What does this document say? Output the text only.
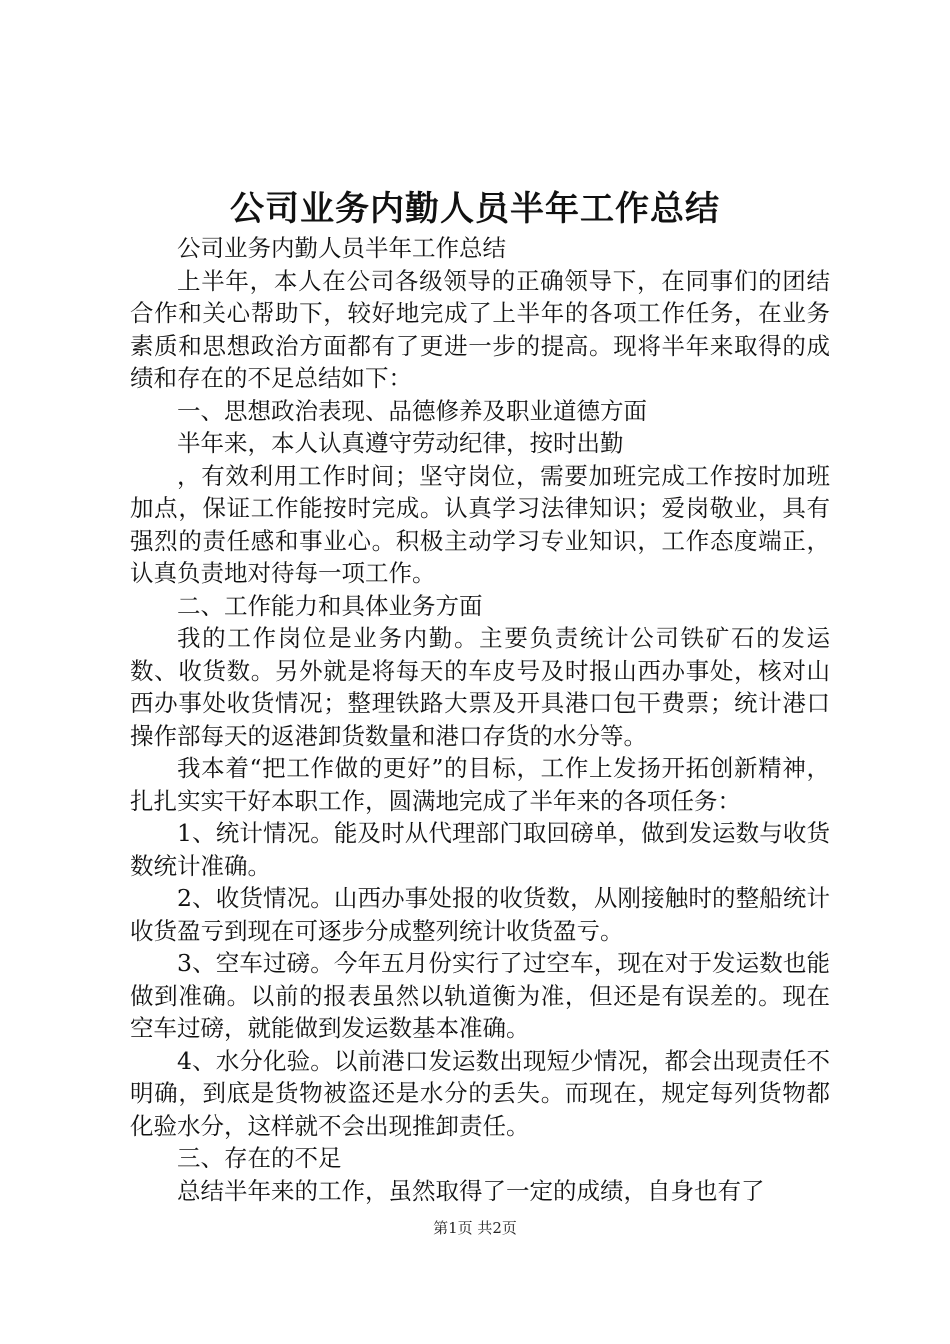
公司业务内勤人员半年工作总结

公司业务内勤人员半年工作总结

上半年，本人在公司各级领导的正确领导下，在同事们的团结合作和关心帮助下，较好地完成了上半年的各项工作任务，在业务素质和思想政治方面都有了更进一步的提高。现将半年来取得的成绩和存在的不足总结如下：

一、思想政治表现、品德修养及职业道德方面

半年来，本人认真遵守劳动纪律，按时出勤

，有效利用工作时间；坚守岗位，需要加班完成工作按时加班加点，保证工作能按时完成。认真学习法律知识；爱岗敬业，具有强烈的责任感和事业心。积极主动学习专业知识，工作态度端正，认真负责地对待每一项工作。

二、工作能力和具体业务方面

我的工作岗位是业务内勤。主要负责统计公司铁矿石的发运数、收货数。另外就是将每天的车皮号及时报山西办事处，核对山西办事处收货情况；整理铁路大票及开具港口包干费票；统计港口操作部每天的返港卸货数量和港口存货的水分等。

我本着“把工作做的更好”的目标，工作上发扬开拓创新精神，扎扎实实干好本职工作，圆满地完成了半年来的各项任务：

1、统计情况。能及时从代理部门取回磅单，做到发运数与收货数统计准确。

2、收货情况。山西办事处报的收货数，从刚接触时的整船统计收货盈亏到现在可逐步分成整列统计收货盈亏。

3、空车过磅。今年五月份实行了过空车，现在对于发运数也能做到准确。以前的报表虽然以轨道衡为准，但还是有误差的。现在空车过磅，就能做到发运数基本准确。

4、水分化验。以前港口发运数出现短少情况，都会出现责任不明确，到底是货物被盗还是水分的丢失。而现在，规定每列货物都化验水分，这样就不会出现推卸责任。

三、存在的不足

总结半年来的工作，虽然取得了一定的成绩，自身也有了

第1页 共2页
